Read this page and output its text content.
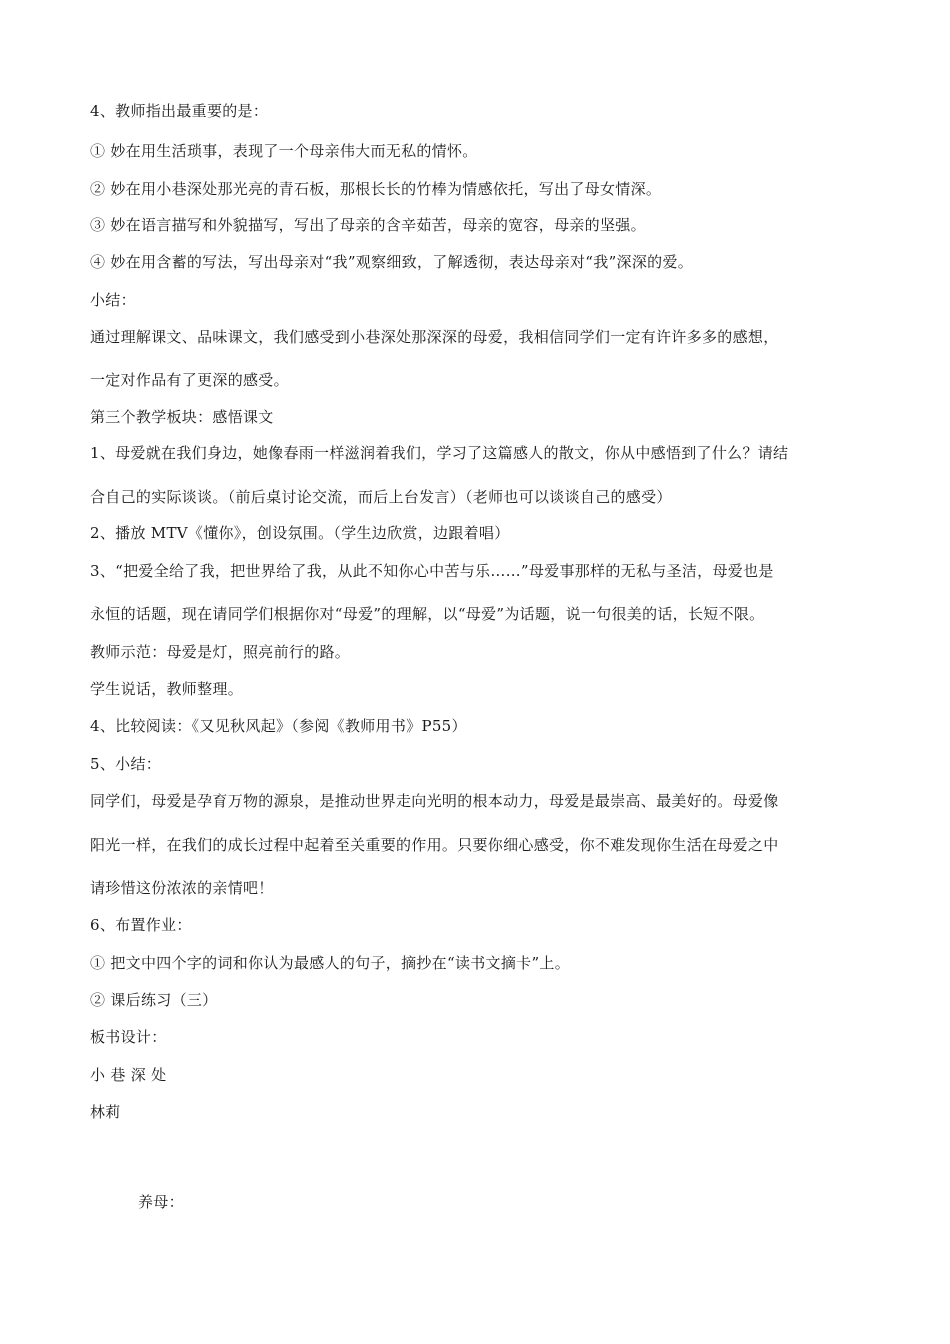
4、教师指出最重要的是：
① 妙在用生活琐事，表现了一个母亲伟大而无私的情怀。
② 妙在用小巷深处那光亮的青石板，那根长长的竹棒为情感依托，写出了母女情深。
③ 妙在语言描写和外貌描写，写出了母亲的含辛茹苦，母亲的宽容，母亲的坚强。
④ 妙在用含蓄的写法，写出母亲对“我”观察细致，了解透彻，表达母亲对“我”深深的爱。
小结：
通过理解课文、品味课文，我们感受到小巷深处那深深的母爱，我相信同学们一定有许许多多的感想，
一定对作品有了更深的感受。
第三个教学板块：感悟课文
1、母爱就在我们身边，她像春雨一样滋润着我们，学习了这篇感人的散文，你从中感悟到了什么？请结
合自己的实际谈谈。（前后桌讨论交流，而后上台发言）（老师也可以谈谈自己的感受）
2、播放 MTV《懂你》，创设氛围。（学生边欣赏，边跟着唱）
3、“把爱全给了我，把世界给了我，从此不知你心中苦与乐……”母爱事那样的无私与圣洁，母爱也是
永恒的话题，现在请同学们根据你对“母爱”的理解，以“母爱”为话题，说一句很美的话，长短不限。
教师示范：母爱是灯，照亮前行的路。
学生说话，教师整理。
4、比较阅读：《又见秋风起》（参阅《教师用书》P55）
5、小结：
同学们，母爱是孕育万物的源泉，是推动世界走向光明的根本动力，母爱是最崇高、最美好的。母爱像
阳光一样，在我们的成长过程中起着至关重要的作用。只要你细心感受，你不难发现你生活在母爱之中
请珍惜这份浓浓的亲情吧！
6、布置作业：
① 把文中四个字的词和你认为最感人的句子，摘抄在“读书文摘卡”上。
② 课后练习（三）
板书设计：
小 巷 深 处
林莉
养母：
